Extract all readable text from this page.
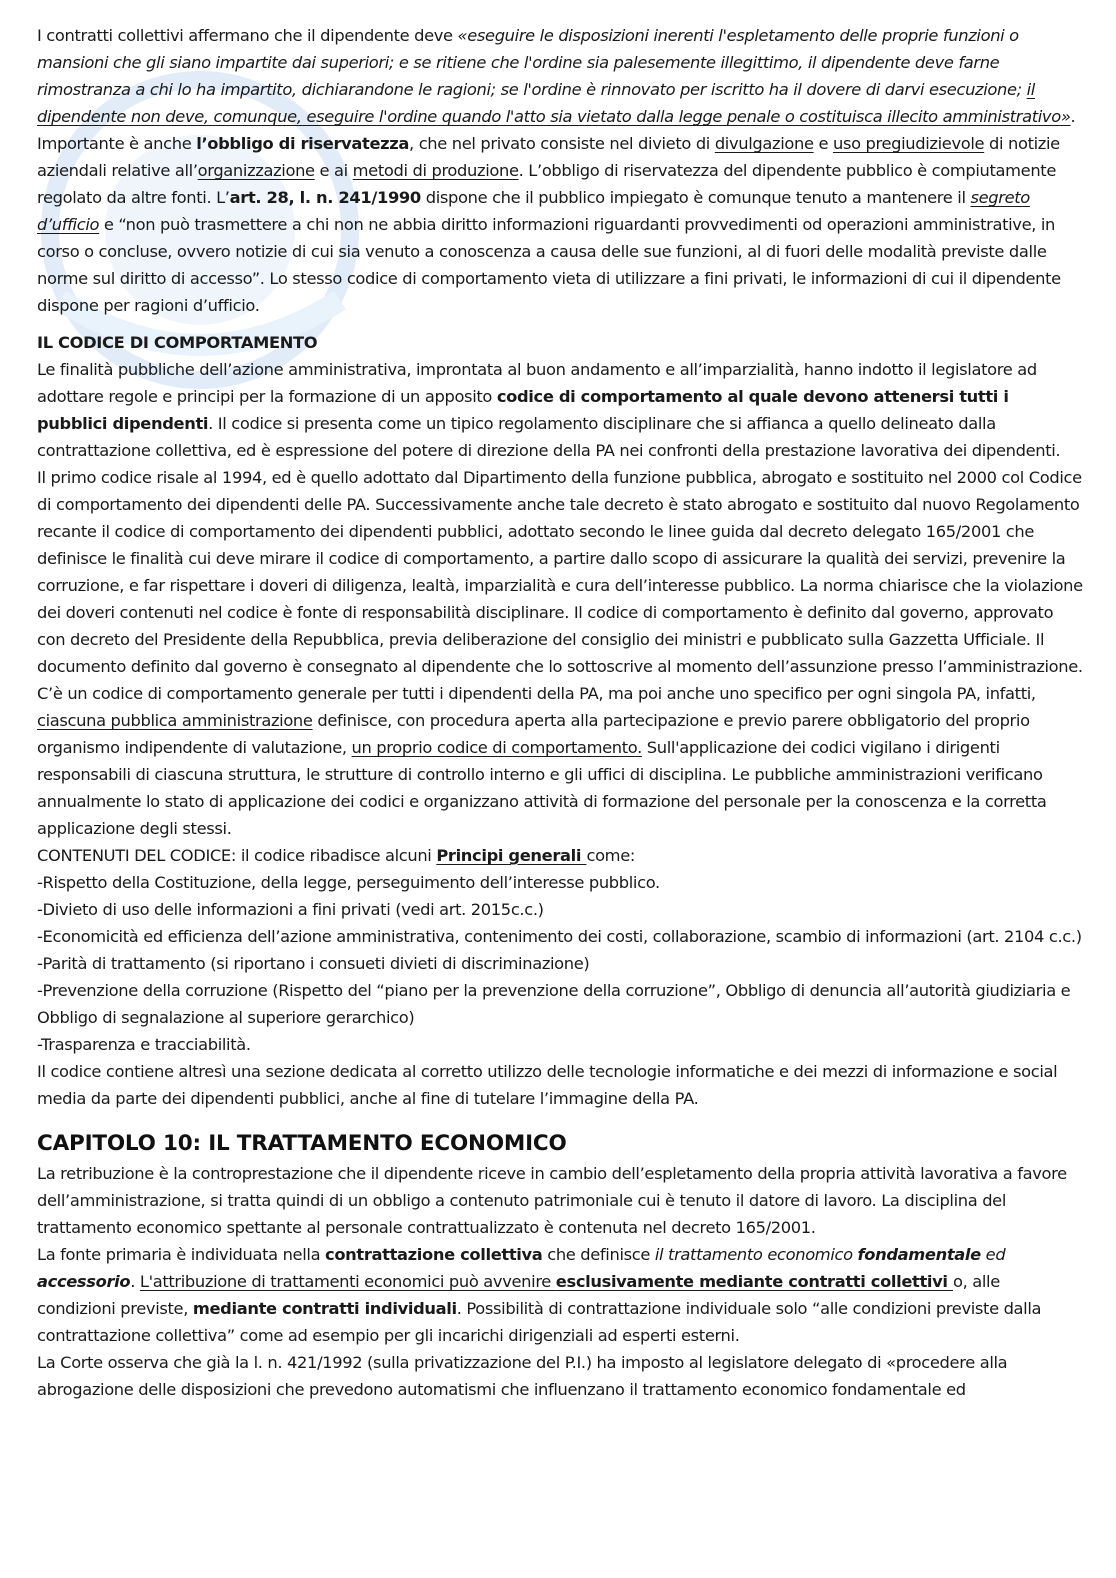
I contratti collettivi affermano che il dipendente deve «eseguire le disposizioni inerenti l'espletamento delle proprie funzioni o mansioni che gli siano impartite dai superiori; e se ritiene che l'ordine sia palesemente illegittimo, il dipendente deve farne rimostranza a chi lo ha impartito, dichiarandone le ragioni; se l'ordine è rinnovato per iscritto ha il dovere di darvi esecuzione; il dipendente non deve, comunque, eseguire l'ordine quando l'atto sia vietato dalla legge penale o costituisca illecito amministrativo».

Importante è anche l’obbligo di riservatezza, che nel privato consiste nel divieto di divulgazione e uso pregiudizievole di notizie aziendali relative all’organizzazione e ai metodi di produzione. L’obbligo di riservatezza del dipendente pubblico è compiutamente regolato da altre fonti. L’art. 28, l. n. 241/1990 dispone che il pubblico impiegato è comunque tenuto a mantenere il segreto d’ufficio e “non può trasmettere a chi non ne abbia diritto informazioni riguardanti provvedimenti od operazioni amministrative, in corso o concluse, ovvero notizie di cui sia venuto a conoscenza a causa delle sue funzioni, al di fuori delle modalità previste dalle norme sul diritto di accesso”. Lo stesso codice di comportamento vieta di utilizzare a fini privati, le informazioni di cui il dipendente dispone per ragioni d’ufficio.

IL CODICE DI COMPORTAMENTO

Le finalità pubbliche dell’azione amministrativa, improntata al buon andamento e all’imparzialità, hanno indotto il legislatore ad adottare regole e principi per la formazione di un apposito codice di comportamento al quale devono attenersi tutti i pubblici dipendenti. Il codice si presenta come un tipico regolamento disciplinare che si affianca a quello delineato dalla contrattazione collettiva, ed è espressione del potere di direzione della PA nei confronti della prestazione lavorativa dei dipendenti.

Il primo codice risale al 1994, ed è quello adottato dal Dipartimento della funzione pubblica, abrogato e sostituito nel 2000 col Codice di comportamento dei dipendenti delle PA. Successivamente anche tale decreto è stato abrogato e sostituito dal nuovo Regolamento recante il codice di comportamento dei dipendenti pubblici, adottato secondo le linee guida dal decreto delegato 165/2001 che definisce le finalità cui deve mirare il codice di comportamento, a partire dallo scopo di assicurare la qualità dei servizi, prevenire la corruzione, e far rispettare i doveri di diligenza, lealtà, imparzialità e cura dell’interesse pubblico. La norma chiarisce che la violazione dei doveri contenuti nel codice è fonte di responsabilità disciplinare. Il codice di comportamento è definito dal governo, approvato con decreto del Presidente della Repubblica, previa deliberazione del consiglio dei ministri e pubblicato sulla Gazzetta Ufficiale. Il documento definito dal governo è consegnato al dipendente che lo sottoscrive al momento dell’assunzione presso l’amministrazione. C’è un codice di comportamento generale per tutti i dipendenti della PA, ma poi anche uno specifico per ogni singola PA, infatti, ciascuna pubblica amministrazione definisce, con procedura aperta alla partecipazione e previo parere obbligatorio del proprio organismo indipendente di valutazione, un proprio codice di comportamento. Sull'applicazione dei codici vigilano i dirigenti responsabili di ciascuna struttura, le strutture di controllo interno e gli uffici di disciplina. Le pubbliche amministrazioni verificano annualmente lo stato di applicazione dei codici e organizzano attività di formazione del personale per la conoscenza e la corretta applicazione degli stessi.

CONTENUTI DEL CODICE: il codice ribadisce alcuni Principi generali come:

-Rispetto della Costituzione, della legge, perseguimento dell’interesse pubblico.

-Divieto di uso delle informazioni a fini privati (vedi art. 2015c.c.)

-Economicità ed efficienza dell’azione amministrativa, contenimento dei costi, collaborazione, scambio di informazioni (art. 2104 c.c.)

-Parità di trattamento (si riportano i consueti divieti di discriminazione)

-Prevenzione della corruzione (Rispetto del “piano per la prevenzione della corruzione”, Obbligo di denuncia all’autorità giudiziaria e Obbligo di segnalazione al superiore gerarchico)

-Trasparenza e tracciabilità.

Il codice contiene altresì una sezione dedicata al corretto utilizzo delle tecnologie informatiche e dei mezzi di informazione e social media da parte dei dipendenti pubblici, anche al fine di tutelare l’immagine della PA.

CAPITOLO 10: IL TRATTAMENTO ECONOMICO

La retribuzione è la controprestazione che il dipendente riceve in cambio dell’espletamento della propria attività lavorativa a favore dell’amministrazione, si tratta quindi di un obbligo a contenuto patrimoniale cui è tenuto il datore di lavoro. La disciplina del trattamento economico spettante al personale contrattualizzato è contenuta nel decreto 165/2001.

La fonte primaria è individuata nella contrattazione collettiva che definisce il trattamento economico fondamentale ed accessorio. L'attribuzione di trattamenti economici può avvenire esclusivamente mediante contratti collettivi o, alle condizioni previste, mediante contratti individuali. Possibilità di contrattazione individuale solo “alle condizioni previste dalla contrattazione collettiva” come ad esempio per gli incarichi dirigenziali ad esperti esterni.

La Corte osserva che già la l. n. 421/1992 (sulla privatizzazione del P.I.) ha imposto al legislatore delegato di «procedere alla abrogazione delle disposizioni che prevedono automatismi che influenzano il trattamento economico fondamentale ed
